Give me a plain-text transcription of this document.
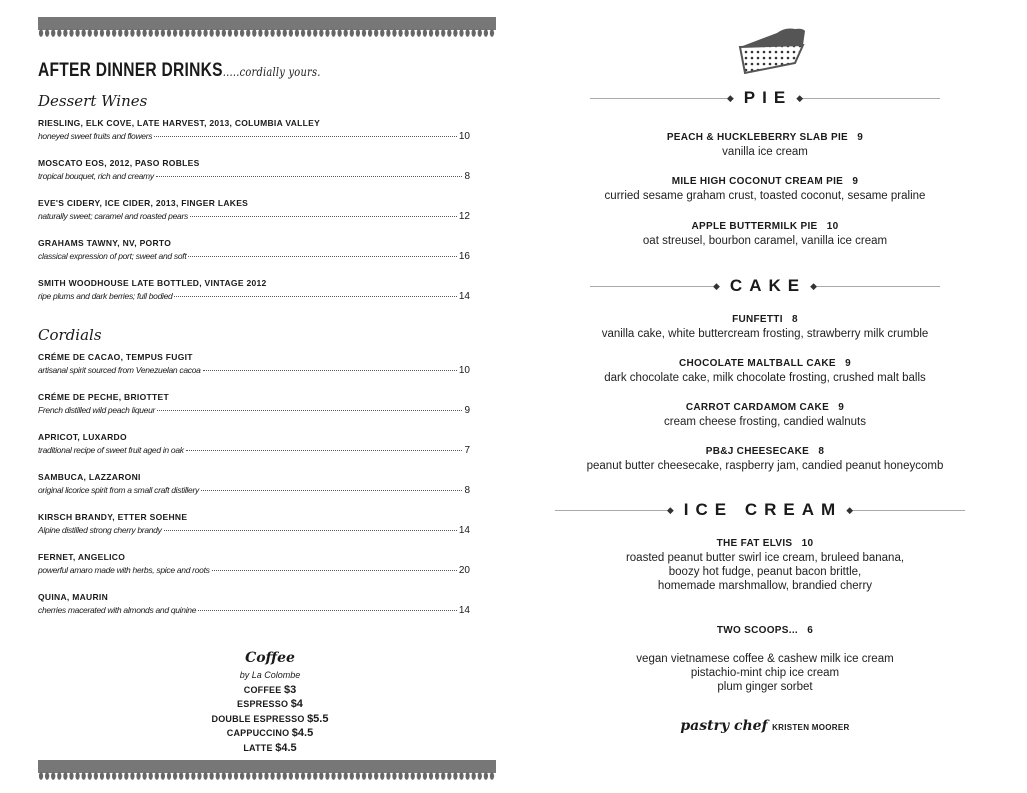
AFTER DINNER DRINKS.....cordially yours.
Dessert Wines
RIESLING, ELK COVE, LATE HARVEST, 2013, COLUMBIA VALLEY
honeyed sweet fruits and flowers	10
MOSCATO EOS, 2012, PASO ROBLES
tropical bouquet, rich and creamy	8
EVE'S CIDERY, ICE CIDER, 2013, FINGER LAKES
naturally sweet; caramel and roasted pears	12
GRAHAMS TAWNY, NV, PORTO
classical expression of port; sweet and soft	16
SMITH WOODHOUSE LATE BOTTLED, VINTAGE 2012
ripe plums and dark berries; full bodied	14
Cordials
CRÉME DE CACAO, TEMPUS FUGIT
artisanal spirit sourced from Venezuelan cacoa	10
CRÉME DE PECHE, BRIOTTET
French distilled wild peach liqueur	9
APRICOT, LUXARDO
traditional recipe of sweet fruit aged in oak	7
SAMBUCA, LAZZARONI
original licorice spirit from a small craft distillery	8
KIRSCH BRANDY, ETTER SOEHNE
Alpine distilled strong cherry brandy	14
FERNET, ANGELICO
powerful amaro made with herbs, spice and roots	20
QUINA, MAURIN
cherries macerated with almonds and quinine	14
Coffee
by La Colombe
COFFEE $3
ESPRESSO $4
DOUBLE ESPRESSO $5.5
CAPPUCCINO $4.5
LATTE $4.5
◆ PIE ◆
PEACH & HUCKLEBERRY SLAB PIE 9
vanilla ice cream
MILE HIGH COCONUT CREAM PIE 9
curried sesame graham crust, toasted coconut, sesame praline
APPLE BUTTERMILK PIE 10
oat streusel, bourbon caramel, vanilla ice cream
◆ CAKE ◆
FUNFETTI 8
vanilla cake, white buttercream frosting, strawberry milk crumble
CHOCOLATE MALTBALL CAKE 9
dark chocolate cake, milk chocolate frosting, crushed malt balls
CARROT CARDAMOM CAKE 9
cream cheese frosting, candied walnuts
PB&J CHEESECAKE 8
peanut butter cheesecake, raspberry jam, candied peanut honeycomb
◆ ICE CREAM ◆
THE FAT ELVIS 10
roasted peanut butter swirl ice cream, bruleed banana,
boozy hot fudge, peanut bacon brittle,
homemade marshmallow, brandied cherry
TWO SCOOPS... 6
vegan vietnamese coffee & cashew milk ice cream
pistachio-mint chip ice cream
plum ginger sorbet
pastry chef KRISTEN MOORER
